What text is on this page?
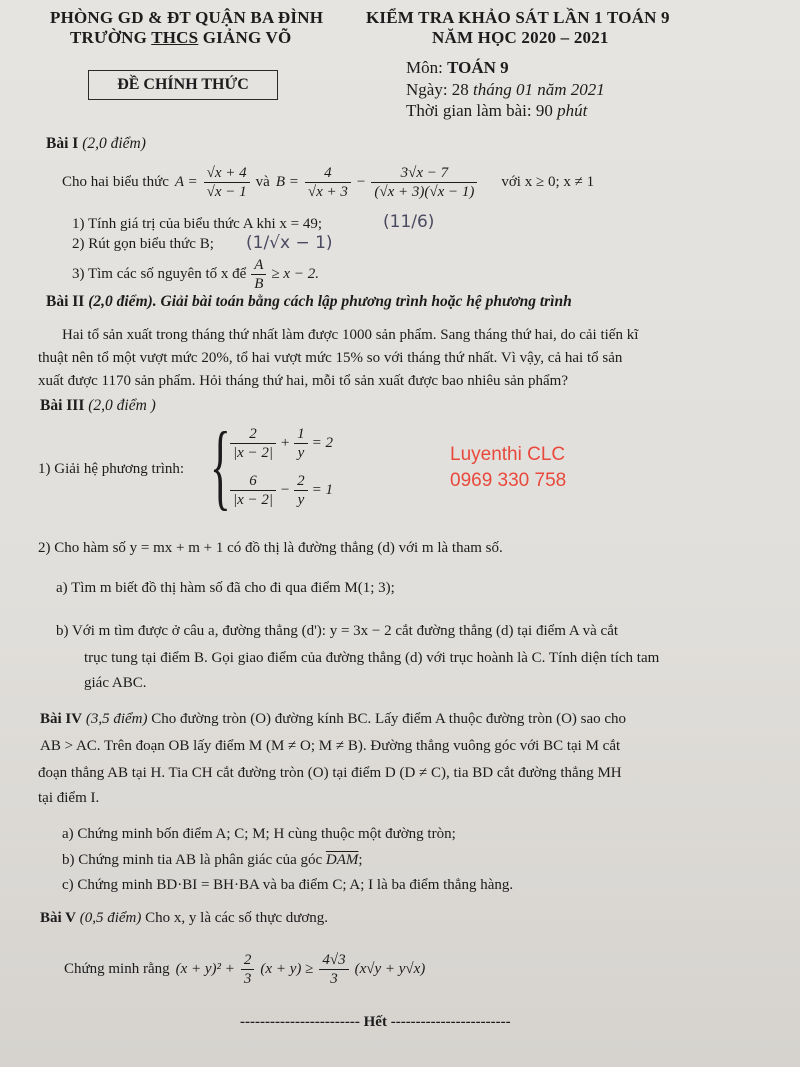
PHÒNG GD & ĐT QUẬN BA ĐÌNH
TRƯỜNG THCS GIẢNG VÕ
KIỂM TRA KHẢO SÁT LẦN 1 TOÁN 9
NĂM HỌC 2020 – 2021
ĐỀ CHÍNH THỨC
Môn: TOÁN 9
Ngày: 28 tháng 01 năm 2021
Thời gian làm bài: 90 phút
Bài I (2,0 điểm)
Cho hai biểu thức $A = \frac{√x + 4}{√x - 1}$ và $B = \frac{4}{√x + 3} - \frac{3√x - 7}{(√x + 3)(√x - 1)}$ với x ≥ 0; x ≠ 1
1) Tính giá trị của biểu thức A khi x = 49;	(11/6)
2) Rút gọn biểu thức B; (1/√x − 1)
3) Tìm các số nguyên tố x để $\frac{A}{B} \ge x - 2$.
Bài II (2,0 điểm). Giải bài toán bằng cách lập phương trình hoặc hệ phương trình
Hai tổ sản xuất trong tháng thứ nhất làm được 1000 sản phẩm. Sang tháng thứ hai, do cải tiến kĩ
thuật nên tổ một vượt mức 20%, tổ hai vượt mức 15% so với tháng thứ nhất. Vì vậy, cả hai tổ sản
xuất được 1170 sản phẩm. Hỏi tháng thứ hai, mỗi tổ sản xuất được bao nhiêu sản phẩm?
Bài III (2,0 điểm )
1) Giải hệ phương trình: { $\frac{2}{|x - 2|} + \frac{1}{y} = 2$
$\frac{6}{|x - 2|} - \frac{2}{y} = 1$
Luyenthi CLC
0969 330 758
2) Cho hàm số y = mx + m + 1 có đồ thị là đường thẳng (d) với m là tham số.
a) Tìm m biết đồ thị hàm số đã cho đi qua điểm M(1; 3);
b) Với m tìm được ở câu a, đường thẳng (d'): y = 3x − 2 cắt đường thẳng (d) tại điểm A và cắt
trục tung tại điểm B. Gọi giao điểm của đường thẳng (d) với trục hoành là C. Tính diện tích tam
giác ABC.
Bài IV (3,5 điểm) Cho đường tròn (O) đường kính BC. Lấy điểm A thuộc đường tròn (O) sao cho
AB > AC. Trên đoạn OB lấy điểm M (M ≠ O; M ≠ B). Đường thẳng vuông góc với BC tại M cắt
đoạn thẳng AB tại H. Tia CH cắt đường tròn (O) tại điểm D (D ≠ C), tia BD cắt đường thẳng MH
tại điểm I.
a) Chứng minh bốn điểm A; C; M; H cùng thuộc một đường tròn;
b) Chứng minh tia AB là phân giác của góc $\overline{DAM}$;
c) Chứng minh BD·BI = BH·BA và ba điểm C; A; I là ba điểm thẳng hàng.
Bài V (0,5 điểm) Cho x, y là các số thực dương.
Chứng minh rằng $(x + y)^2 + \frac{2}{3} (x + y) \ge \frac{4√3}{3} (x√y + y√x)$
------------------------ Hết ------------------------
